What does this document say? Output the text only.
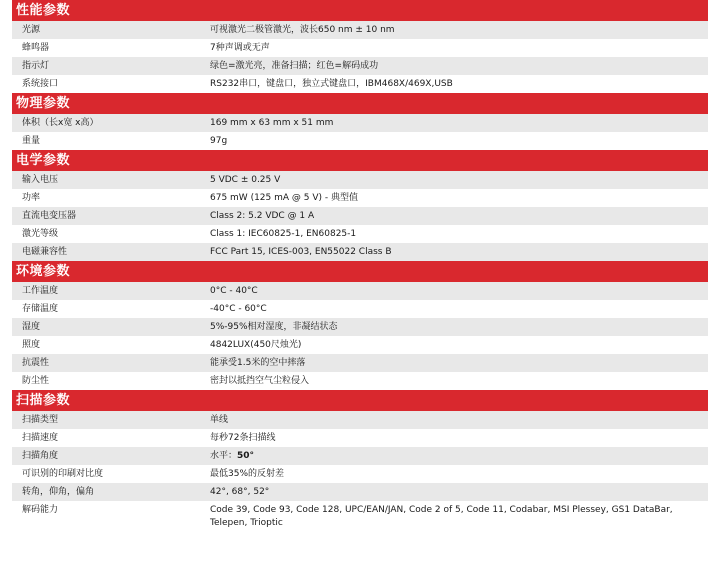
性能参数
光源	可视激光二极管激光，波长650 nm ± 10 nm
蜂鸣器	7种声调或无声
指示灯	绿色=激光亮，准备扫描；红色=解码成功
系统接口	RS232串口，键盘口，独立式键盘口，IBM468X/469X,USB
物理参数
体积（长x宽 x高）	169 mm x 63 mm x 51 mm
重量	97g
电学参数
输入电压	5 VDC ± 0.25 V
功率	675 mW (125 mA @ 5 V) - 典型值
直流电变压器	Class 2: 5.2 VDC @ 1 A
激光等级	Class 1: IEC60825-1, EN60825-1
电磁兼容性	FCC Part 15, ICES-003, EN55022 Class B
环境参数
工作温度	0°C - 40°C
存储温度	-40°C - 60°C
湿度	5%-95%相对湿度，非凝结状态
照度	4842LUX(450尺烛光)
抗震性	能承受1.5米的空中摔落
防尘性	密封以抵挡空气尘粒侵入
扫描参数
扫描类型	单线
扫描速度	每秒72条扫描线
扫描角度	水平：50°
可识别的印刷对比度	最低35%的反射差
转角，仰角，偏角	42°, 68°, 52°
解码能力	Code 39, Code 93, Code 128, UPC/EAN/JAN, Code 2 of 5, Code 11, Codabar, MSI Plessey, GS1 DataBar, Telepen, Trioptic
